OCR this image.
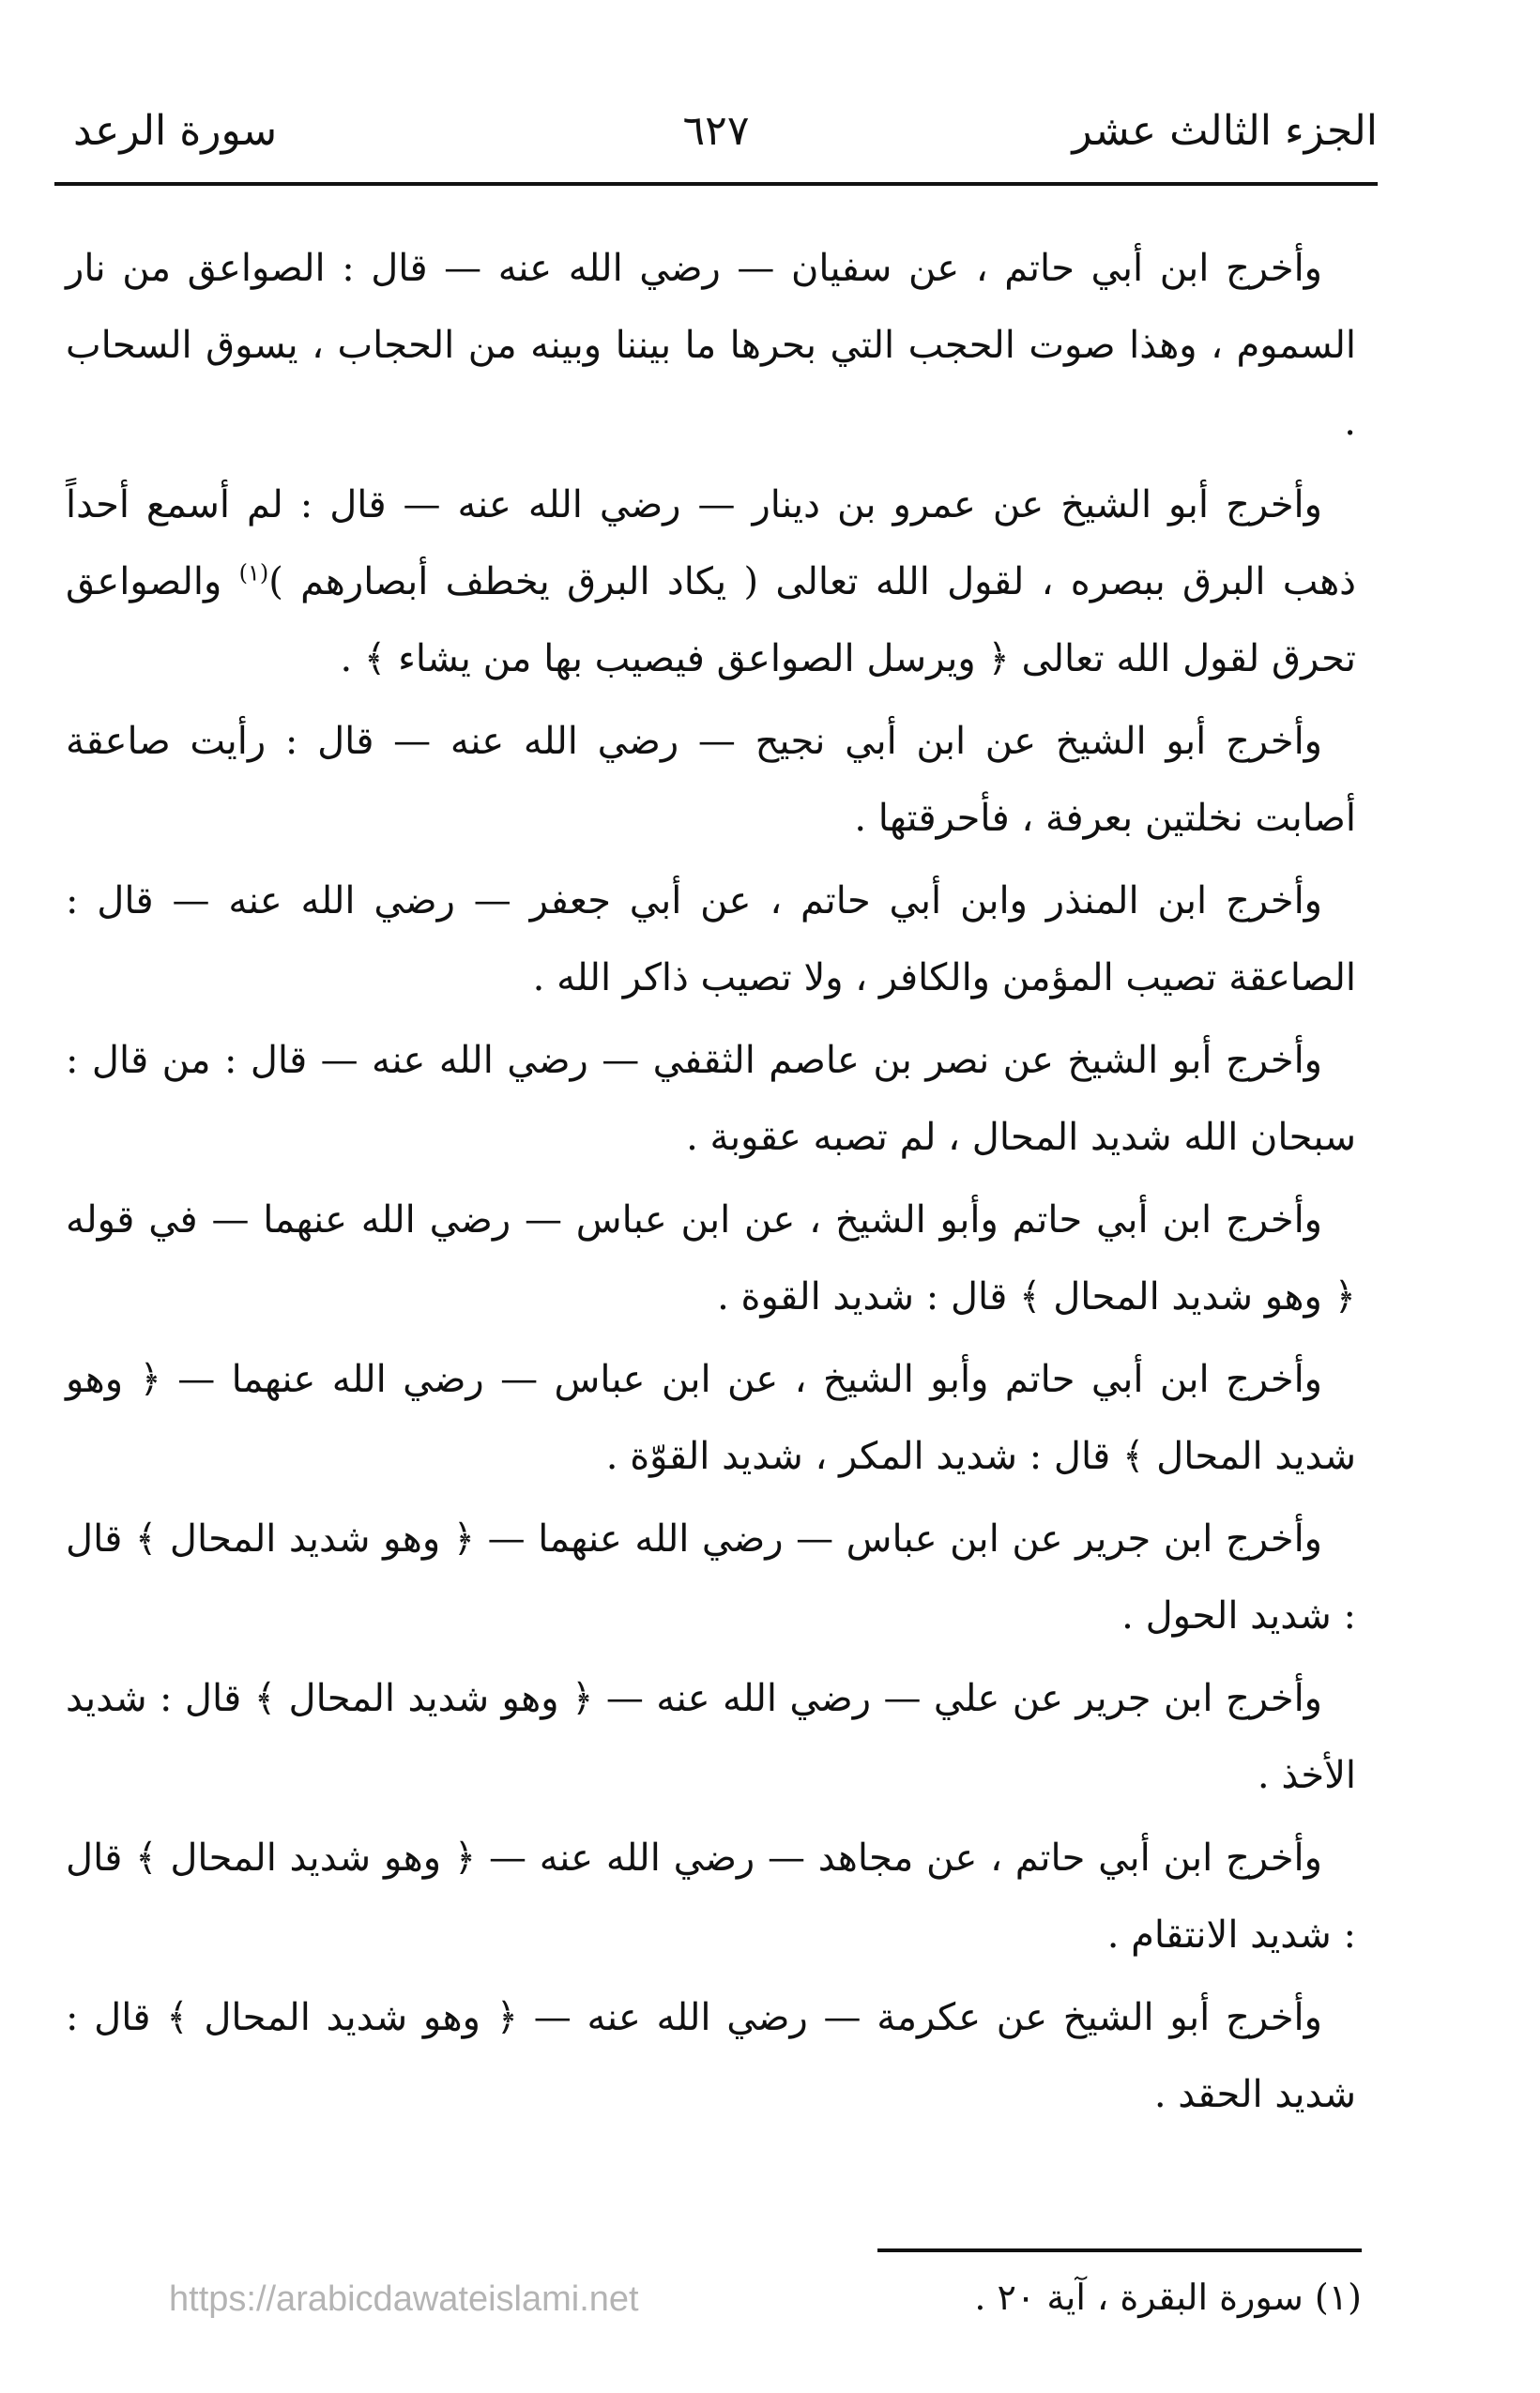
الجزء الثالث عشر
٦٢٧
سورة الرعد

وأخرج ابن أبي حاتم ، عن سفيان — رضي الله عنه — قال : الصواعق من نار السموم ، وهذا صوت الحجب التي بحرها ما بيننا وبينه من الحجاب ، يسوق السحاب .

وأخرج أبو الشيخ عن عمرو بن دينار — رضي الله عنه — قال : لم أسمع أحداً ذهب البرق ببصره ، لقول الله تعالى ( يكاد البرق يخطف أبصارهم )$^{(١)}$ والصواعق تحرق لقول الله تعالى ﴿ ويرسل الصواعق فيصيب بها من يشاء ﴾ .

وأخرج أبو الشيخ عن ابن أبي نجيح — رضي الله عنه — قال : رأيت صاعقة أصابت نخلتين بعرفة ، فأحرقتها .

وأخرج ابن المنذر وابن أبي حاتم ، عن أبي جعفر — رضي الله عنه — قال : الصاعقة تصيب المؤمن والكافر ، ولا تصيب ذاكر الله .

وأخرج أبو الشيخ عن نصر بن عاصم الثقفي — رضي الله عنه — قال : من قال : سبحان الله شديد المحال ، لم تصبه عقوبة .

وأخرج ابن أبي حاتم وأبو الشيخ ، عن ابن عباس — رضي الله عنهما — في قوله ﴿ وهو شديد المحال ﴾ قال : شديد القوة .

وأخرج ابن أبي حاتم وأبو الشيخ ، عن ابن عباس — رضي الله عنهما — ﴿ وهو شديد المحال ﴾ قال : شديد المكر ، شديد القوّة .

وأخرج ابن جرير عن ابن عباس — رضي الله عنهما — ﴿ وهو شديد المحال ﴾ قال : شديد الحول .

وأخرج ابن جرير عن علي — رضي الله عنه — ﴿ وهو شديد المحال ﴾ قال : شديد الأخذ .

وأخرج ابن أبي حاتم ، عن مجاهد — رضي الله عنه — ﴿ وهو شديد المحال ﴾ قال : شديد الانتقام .

وأخرج أبو الشيخ عن عكرمة — رضي الله عنه — ﴿ وهو شديد المحال ﴾ قال : شديد الحقد .

(١) سورة البقرة ، آية ٢٠ .
https://arabicdawateislami.net
